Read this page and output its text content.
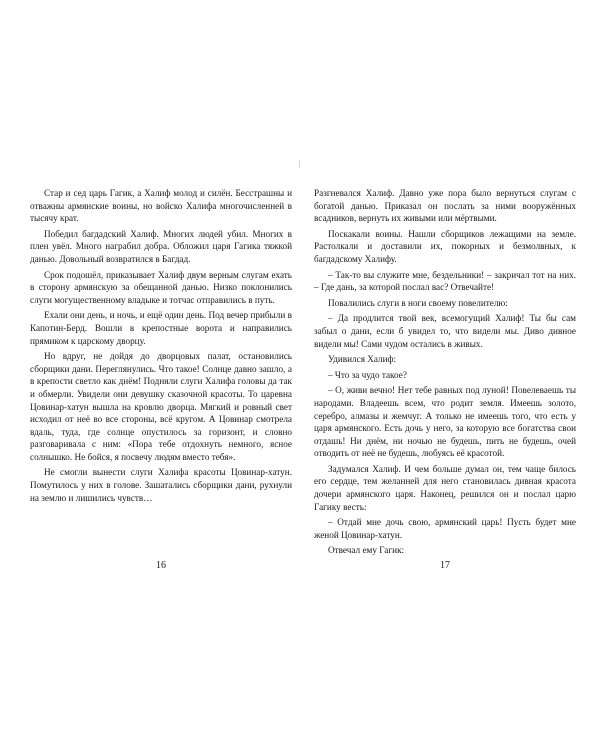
Стар и сед царь Гагик, а Халиф молод и силён. Бесстрашны и отважны армянские воины, но войско Халифа многочисленней в тысячу крат.

Победил багдадский Халиф. Многих людей убил. Многих в плен увёл. Много награбил добра. Обложил царя Гагика тяжкой данью. Довольный возвратился в Багдад.

Срок подошёл, приказывает Халиф двум верным слугам ехать в сторону армянскую за обещанной данью. Низко поклонились слуги могущественному владыке и тотчас отправились в путь.

Ехали они день, и ночь, и ещё один день. Под вечер прибыли в Капотин-Берд. Вошли в крепостные ворота и направились прямиком к царскому дворцу.

Но вдруг, не дойдя до дворцовых палат, остановились сборщики дани. Переглянулись. Что такое! Солнце давно зашло, а в крепости светло как днём! Подняли слуги Халифа головы да так и обмерли. Увидели они девушку сказочной красоты. То царевна Цовинар-хатун вышла на кровлю дворца. Мягкий и ровный свет исходил от неё во все стороны, всё кругом. А Цовинар смотрела вдаль, туда, где солнце опустилось за горизонт, и словно разговаривала с ним: «Пора тебе отдохнуть немного, ясное солнышко. Не бойся, я посвечу людям вместо тебя».

Не смогли вынести слуги Халифа красоты Цовинар-хатун. Помутилось у них в голове. Зашатались сборщики дани, рухнули на землю и лишились чувств…

16

Разгневался Халиф. Давно уже пора было вернуться слугам с богатой данью. Приказал он послать за ними вооружённых всадников, вернуть их живыми или мёртвыми.

Поскакали воины. Нашли сборщиков лежащими на земле. Растолкали и доставили их, покорных и безмолвных, к багдадскому Халифу.

– Так-то вы служите мне, бездельники! – закричал тот на них. – Где дань, за которой послал вас? Отвечайте!

Повалились слуги в ноги своему повелителю:

– Да продлится твой век, всемогущий Халиф! Ты бы сам забыл о дани, если б увидел то, что видели мы. Диво дивное видели мы! Сами чудом остались в живых.

Удивился Халиф:

– Что за чудо такое?

– О, живи вечно! Нет тебе равных под луной! Повелеваешь ты народами. Владеешь всем, что родит земля. Имеешь золото, серебро, алмазы и жемчуг. А только не имеешь того, что есть у царя армянского. Есть дочь у него, за которую все богатства свои отдашь! Ни днём, ни ночью не будешь, пить не будешь, очей отводить от неё не будешь, любуясь её красотой.

Задумался Халиф. И чем больше думал он, тем чаще билось его сердце, тем желанней для него становилась дивная красота дочери армянского царя. Наконец, решился он и послал царю Гагику весть:

– Отдай мне дочь свою, армянский царь! Пусть будет мне женой Цовинар-хатун.

Отвечал ему Гагик:

17
